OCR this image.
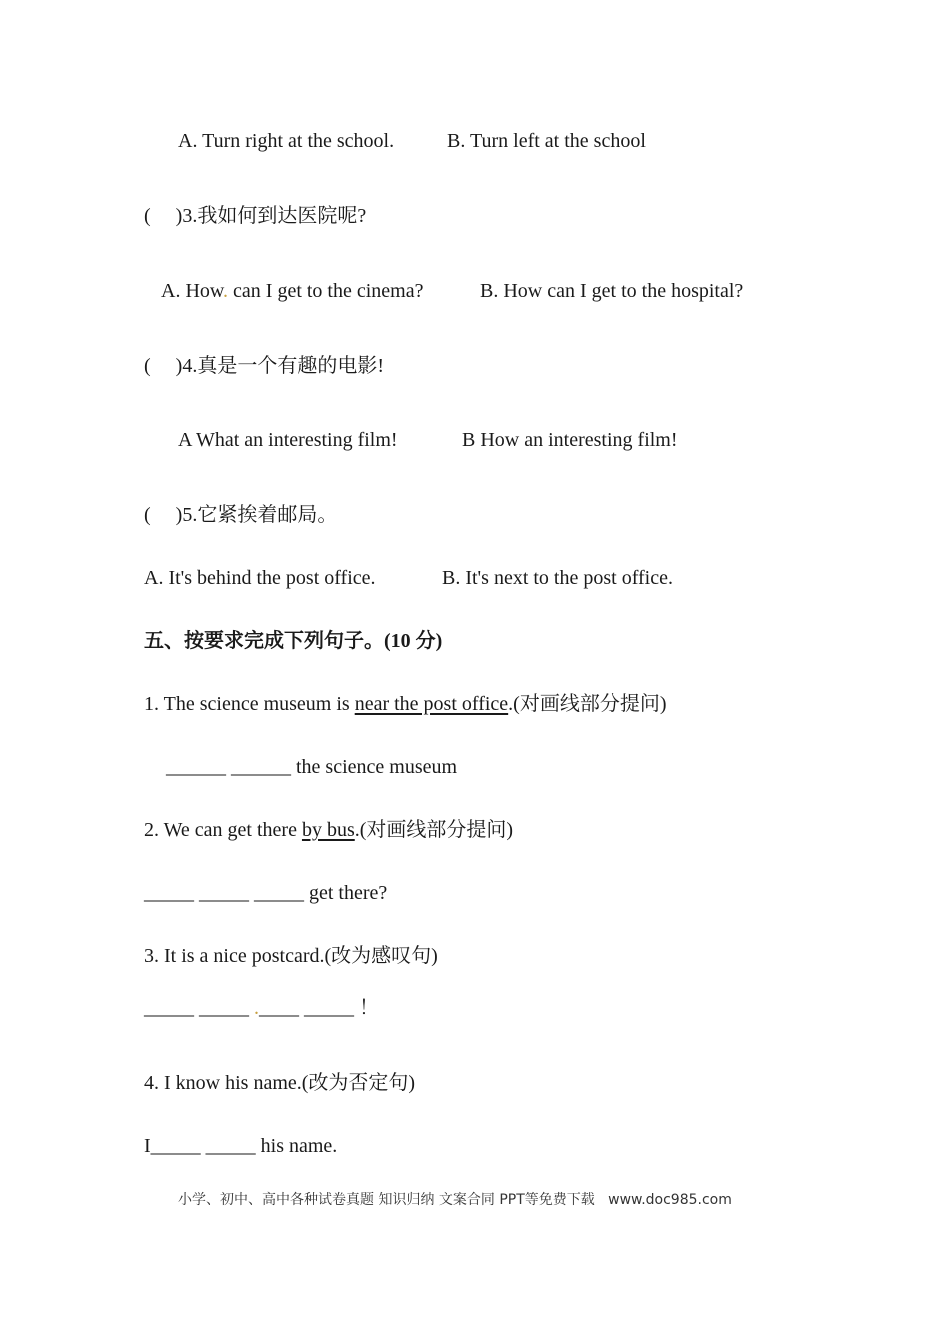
A. Turn right at the school.	B. Turn left at the school
(     )3.我如何到达医院呢?
A. How. can I get to the cinema?	B. How can I get to the hospital?
(     )4.真是一个有趣的电影!
A What an interesting film!	B How an interesting film!
(     )5.它紧挨着邮局。
A. It's behind the post office.	B. It's next to the post office.
五、按要求完成下列句子。(10 分)
1. The science museum is near the post office.(对画线部分提问)
______ ______ the science museum
2. We can get there by bus.(对画线部分提问)
_____ _____ _____ get there?
3. It is a nice postcard.(改为感叹句)
_____ _____ .____ _____ ！
4. I know his name.(改为否定句)
I_____ _____ his name.
小学、初中、高中各种试卷真题 知识归纳 文案合同 PPT等免费下载   www.doc985.com
